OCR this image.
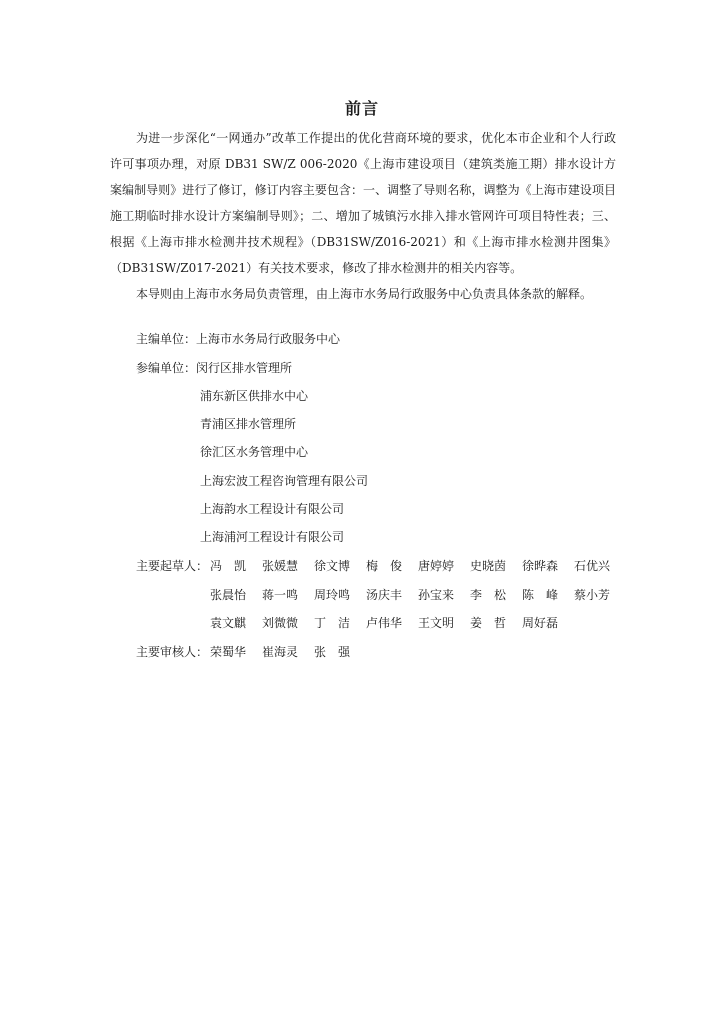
前言

为进一步深化“一网通办”改革工作提出的优化营商环境的要求，优化本市企业和个人行政许可事项办理，对原 DB31 SW/Z 006-2020《上海市建设项目（建筑类施工期）排水设计方案编制导则》进行了修订，修订内容主要包含：一、调整了导则名称，调整为《上海市建设项目施工期临时排水设计方案编制导则》；二、增加了城镇污水排入排水管网许可项目特性表；三、根据《上海市排水检测井技术规程》（DB31SW/Z016-2021）和《上海市排水检测井图集》（DB31SW/Z017-2021）有关技术要求，修改了排水检测井的相关内容等。

本导则由上海市水务局负责管理，由上海市水务局行政服务中心负责具体条款的解释。

主编单位：上海市水务局行政服务中心
参编单位：闵行区排水管理所
浦东新区供排水中心
青浦区排水管理所
徐汇区水务管理中心
上海宏波工程咨询管理有限公司
上海韵水工程设计有限公司
上海浦河工程设计有限公司
主要起草人： 冯　凯 张媛慧 徐文博 梅　俊 唐婷婷 史晓茵 徐晔森 石优兴
张晨怡 蒋一鸣 周玲鸣 汤庆丰 孙宝来 李　松 陈　峰 蔡小芳
袁文麒 刘微微 丁　洁 卢伟华 王文明 姜　哲 周好磊
主要审核人： 荣蜀华 崔海灵 张　强
